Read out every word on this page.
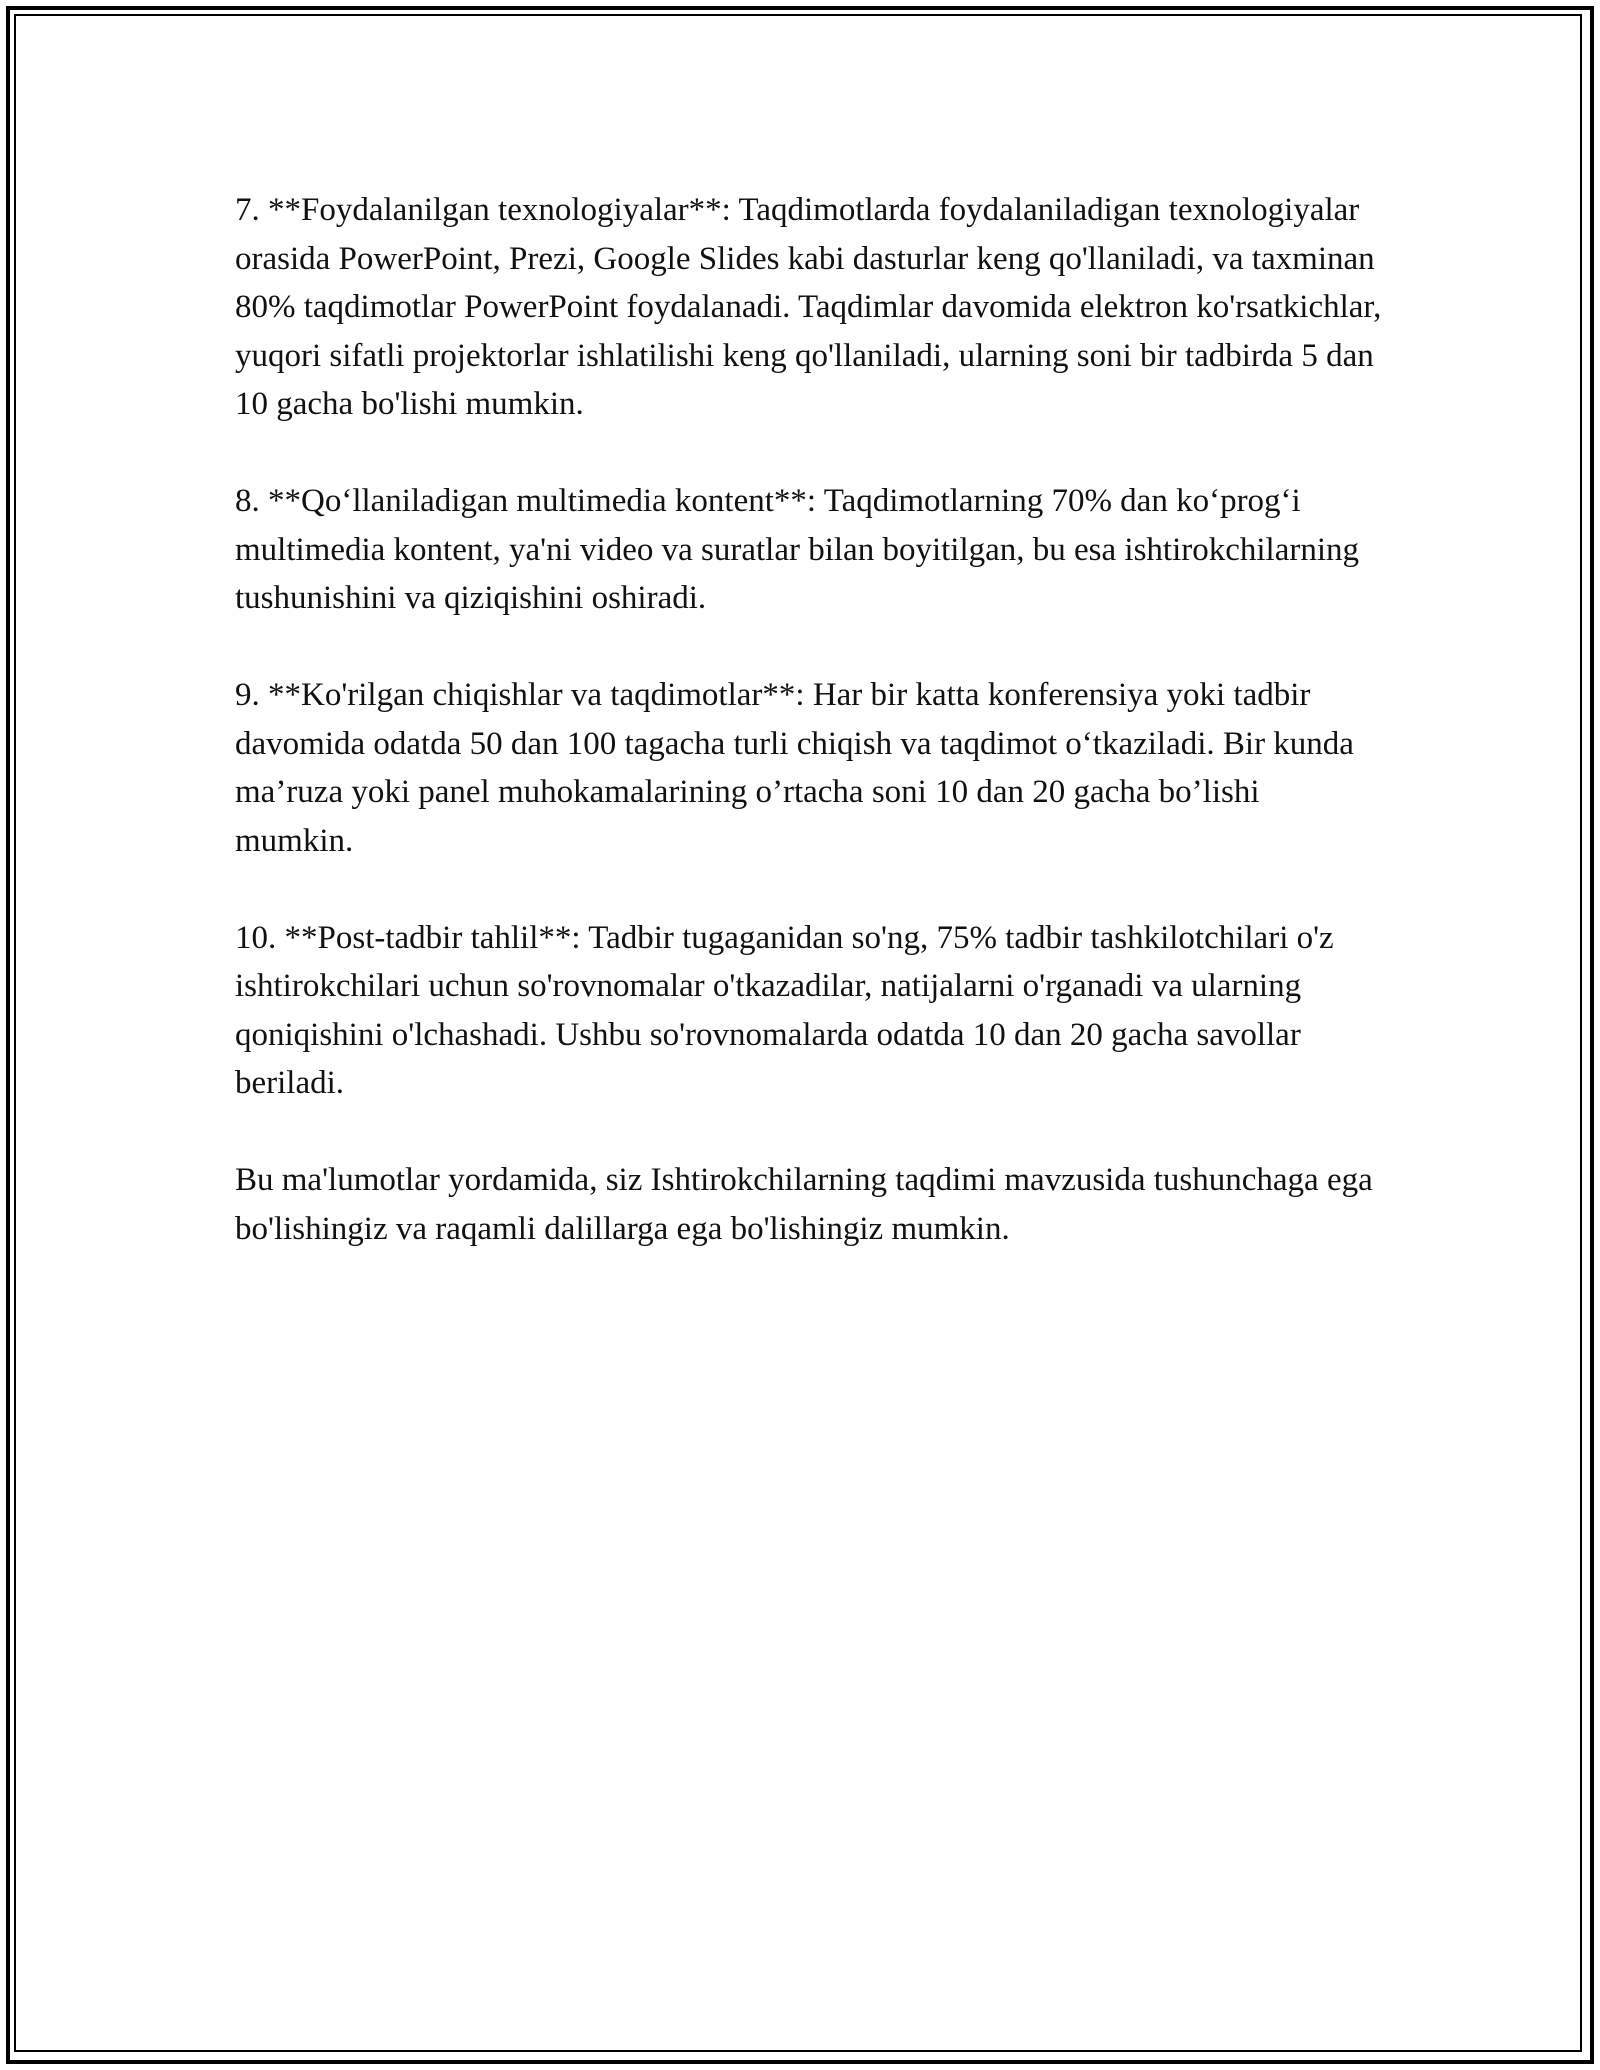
7. **Foydalanilgan texnologiyalar**: Taqdimotlarda foydalaniladigan texnologiyalar orasida PowerPoint, Prezi, Google Slides kabi dasturlar keng qo'llaniladi, va taxminan 80% taqdimotlar PowerPoint foydalanadi. Taqdimlar davomida elektron ko'rsatkichlar, yuqori sifatli projektorlar ishlatilishi keng qo'llaniladi, ularning soni bir tadbirda 5 dan 10 gacha bo'lishi mumkin.

8. **Qo‘llaniladigan multimedia kontent**: Taqdimotlarning 70% dan ko‘prog‘i multimedia kontent, ya'ni video va suratlar bilan boyitilgan, bu esa ishtirokchilarning tushunishini va qiziqishini oshiradi.

9. **Ko'rilgan chiqishlar va taqdimotlar**: Har bir katta konferensiya yoki tadbir davomida odatda 50 dan 100 tagacha turli chiqish va taqdimot o‘tkaziladi. Bir kunda ma’ruza yoki panel muhokamalarining o’rtacha soni 10 dan 20 gacha bo’lishi mumkin.

10. **Post-tadbir tahlil**: Tadbir tugaganidan so'ng, 75% tadbir tashkilotchilari o'z ishtirokchilari uchun so'rovnomalar o'tkazadilar, natijalarni o'rganadi va ularning qoniqishini o'lchashadi. Ushbu so'rovnomalarda odatda 10 dan 20 gacha savollar beriladi.

Bu ma'lumotlar yordamida, siz Ishtirokchilarning taqdimi mavzusida tushunchaga ega bo'lishingiz va raqamli dalillarga ega bo'lishingiz mumkin.
